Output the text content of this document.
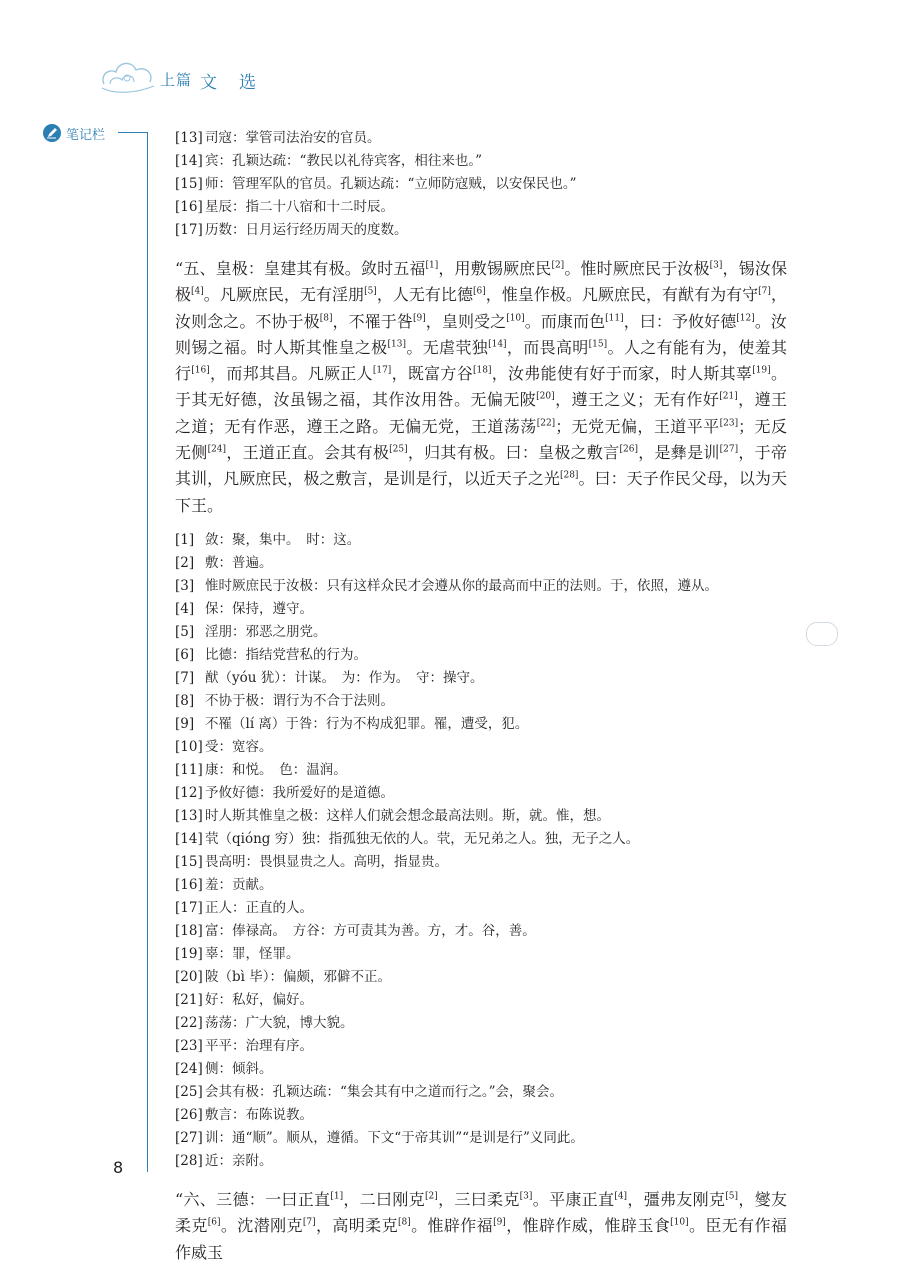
上篇 文选
笔记栏	[13] 司寇：掌管司法治安的官员。
[14] 宾：孔颖达疏：“教民以礼待宾客，相往来也。”
[15] 师：管理军队的官员。孔颖达疏：“立师防寇贼，以安保民也。”
[16] 星辰：指二十八宿和十二时辰。
[17] 历数：日月运行经历周天的度数。

“五、皇极：皇建其有极。敛时五福[1]，用敷锡厥庶民[2]。惟时厥庶民于汝极[3]，锡汝保极[4]。凡厥庶民，无有淫朋[5]，人无有比德[6]，惟皇作极。凡厥庶民，有猷有为有守[7]，汝则念之。不协于极[8]，不罹于咎[9]，皇则受之[10]。而康而色[11]，曰：予攸好德[12]。汝则锡之福。时人斯其惟皇之极[13]。无虐茕独[14]，而畏高明[15]。人之有能有为，使羞其行[16]，而邦其昌。凡厥正人[17]，既富方谷[18]，汝弗能使有好于而家，时人斯其辜[19]。于其无好德，汝虽锡之福，其作汝用咎。无偏无陂[20]，遵王之义；无有作好[21]，遵王之道；无有作恶，遵王之路。无偏无党，王道荡荡[22]；无党无偏，王道平平[23]；无反无侧[24]，王道正直。会其有极[25]，归其有极。曰：皇极之敷言[26]，是彝是训[27]，于帝其训，凡厥庶民，极之敷言，是训是行，以近天子之光[28]。曰：天子作民父母，以为天下王。

[1] 敛：聚，集中。　时：这。
[2] 敷：普遍。
[3] 惟时厥庶民于汝极：只有这样众民才会遵从你的最高而中正的法则。于，依照，遵从。
[4] 保：保持，遵守。
[5] 淫朋：邪恶之朋党。
[6] 比德：指结党营私的行为。
[7] 猷（yóu 犹）：计谋。　为：作为。　守：操守。
[8] 不协于极：谓行为不合于法则。
[9] 不罹（lí 离）于咎：行为不构成犯罪。罹，遭受，犯。
[10] 受：宽容。
[11] 康：和悦。　色：温润。
[12] 予攸好德：我所爱好的是道德。
[13] 时人斯其惟皇之极：这样人们就会想念最高法则。斯，就。惟，想。
[14] 茕（qióng 穷）独：指孤独无依的人。茕，无兄弟之人。独，无子之人。
[15] 畏高明：畏惧显贵之人。高明，指显贵。
[16] 羞：贡献。
[17] 正人：正直的人。
[18] 富：俸禄高。　方谷：方可责其为善。方，才。谷，善。
[19] 辜：罪，怪罪。
[20] 陂（bì 毕）：偏颇，邪僻不正。
[21] 好：私好，偏好。
[22] 荡荡：广大貌，博大貌。
[23] 平平：治理有序。
[24] 侧：倾斜。
[25] 会其有极：孔颖达疏：“集会其有中之道而行之。”会，聚会。
[26] 敷言：布陈说教。
[27] 训：通“顺”。顺从，遵循。下文“于帝其训”“是训是行”义同此。
[28] 近：亲附。

“六、三德：一曰正直[1]，二曰刚克[2]，三曰柔克[3]。平康正直[4]，彊弗友刚克[5]，燮友柔克[6]。沈潜刚克[7]，高明柔克[8]。惟辟作福[9]，惟辟作威，惟辟玉食[10]。臣无有作福作威玉

8
